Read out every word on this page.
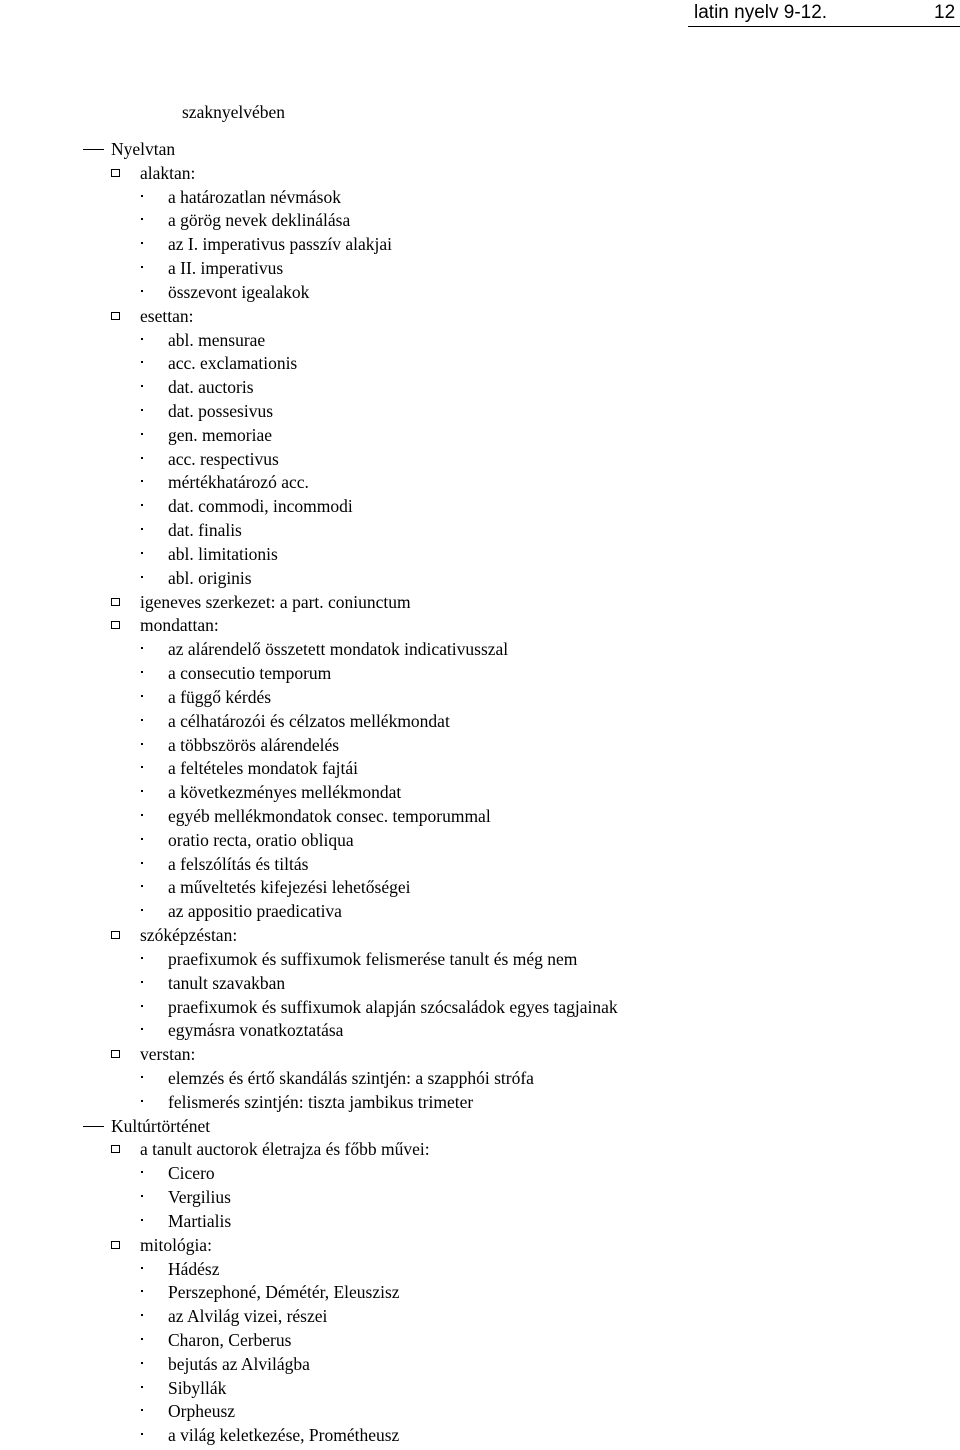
latin nyelv 9-12.	12
szaknyelvében
Nyelvtan
alaktan:
a határozatlan névmások
a görög nevek deklinálása
az I. imperativus passzív alakjai
a II. imperativus
összevont igealakok
esettan:
abl. mensurae
acc. exclamationis
dat. auctoris
dat. possesivus
gen. memoriae
acc. respectivus
mértékhatározó acc.
dat. commodi, incommodi
dat. finalis
abl. limitationis
abl. originis
igeneves szerkezet: a part. coniunctum
mondattan:
az alárendelő összetett mondatok indicativusszal
a consecutio temporum
a függő kérdés
a célhatározói és célzatos mellékmondat
a többszörös alárendelés
a feltételes mondatok fajtái
a következményes mellékmondat
egyéb mellékmondatok consec. temporummal
oratio recta, oratio obliqua
a felszólítás és tiltás
a műveltetés kifejezési lehetőségei
az appositio praedicativa
szóképzéstan:
praefixumok és suffixumok felismerése tanult és még nem
tanult szavakban
praefixumok és suffixumok alapján szócsaládok egyes tagjainak
egymásra vonatkoztatása
verstan:
elemzés és értő skandálás szintjén: a szapphói strófa
felismerés szintjén: tiszta jambikus trimeter
Kultúrtörténet
a tanult auctorok életrajza és főbb művei:
Cicero
Vergilius
Martialis
mitológia:
Hádész
Perszephoné, Démétér, Eleuszisz
az Alvilág vizei, részei
Charon, Cerberus
bejutás az Alvilágba
Sibyllák
Orpheusz
a világ keletkezése, Prométheusz
